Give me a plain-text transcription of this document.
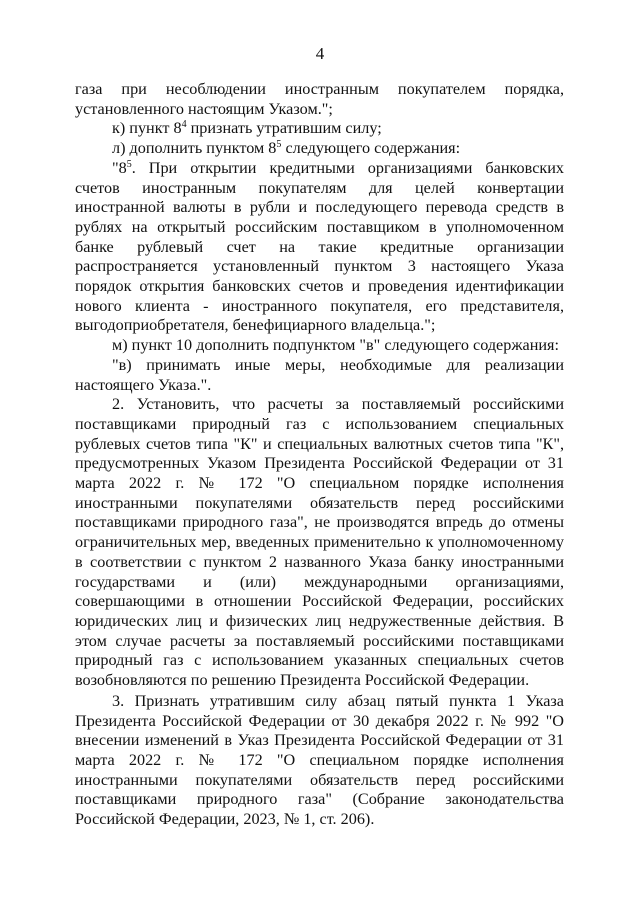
4

газа при несоблюдении иностранным покупателем порядка, установленного настоящим Указом.";

к) пункт $8^4$ признать утратившим силу;

л) дополнить пунктом $8^5$ следующего содержания:

"$8^5$. При открытии кредитными организациями банковских счетов иностранным покупателям для целей конвертации иностранной валюты в рубли и последующего перевода средств в рублях на открытый российским поставщиком в уполномоченном банке рублевый счет на такие кредитные организации распространяется установленный пунктом 3 настоящего Указа порядок открытия банковских счетов и проведения идентификации нового клиента - иностранного покупателя, его представителя, выгодоприобретателя, бенефициарного владельца.";

м) пункт 10 дополнить подпунктом "в" следующего содержания:

"в) принимать иные меры, необходимые для реализации настоящего Указа.".

2. Установить, что расчеты за поставляемый российскими поставщиками природный газ с использованием специальных рублевых счетов типа "К" и специальных валютных счетов типа "К", предусмотренных Указом Президента Российской Федерации от 31 марта 2022 г. № 172 "О специальном порядке исполнения иностранными покупателями обязательств перед российскими поставщиками природного газа", не производятся впредь до отмены ограничительных мер, введенных применительно к уполномоченному в соответствии с пунктом 2 названного Указа банку иностранными государствами и (или) международными организациями, совершающими в отношении Российской Федерации, российских юридических лиц и физических лиц недружественные действия. В этом случае расчеты за поставляемый российскими поставщиками природный газ с использованием указанных специальных счетов возобновляются по решению Президента Российской Федерации.

3. Признать утратившим силу абзац пятый пункта 1 Указа Президента Российской Федерации от 30 декабря 2022 г. № 992 "О внесении изменений в Указ Президента Российской Федерации от 31 марта 2022 г. № 172 "О специальном порядке исполнения иностранными покупателями обязательств перед российскими поставщиками природного газа" (Собрание законодательства Российской Федерации, 2023, № 1, ст. 206).
